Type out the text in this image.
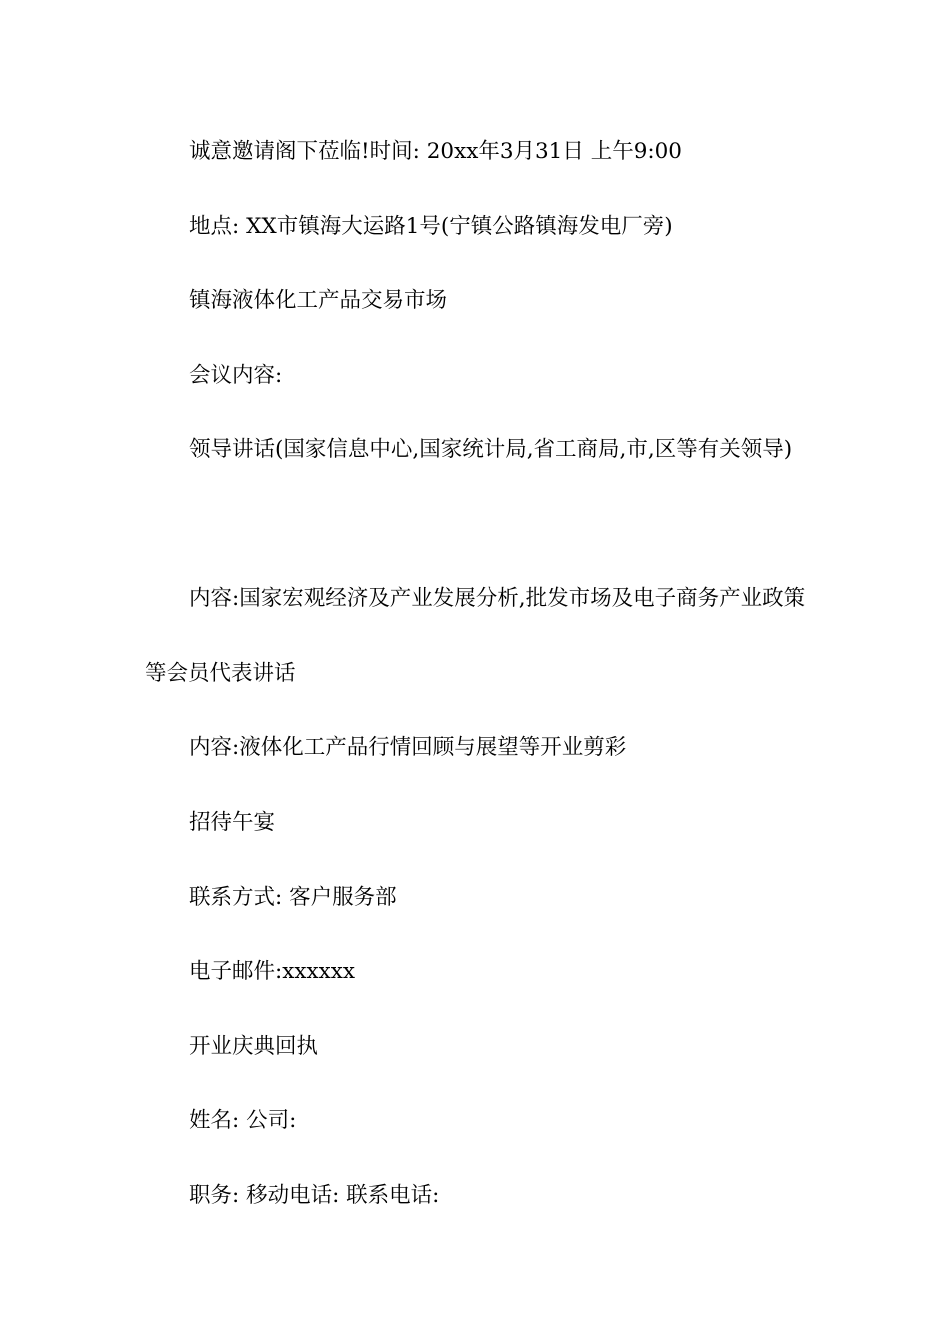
诚意邀请阁下莅临!时间: 20xx年3月31日 上午9:00

地点: XX市镇海大运路1号(宁镇公路镇海发电厂旁)

镇海液体化工产品交易市场

会议内容:

领导讲话(国家信息中心,国家统计局,省工商局,市,区等有关领导)

内容:国家宏观经济及产业发展分析,批发市场及电子商务产业政策等会员代表讲话

内容:液体化工产品行情回顾与展望等开业剪彩

招待午宴

联系方式: 客户服务部

电子邮件:xxxxxx

开业庆典回执

姓名: 公司:

职务: 移动电话: 联系电话:
